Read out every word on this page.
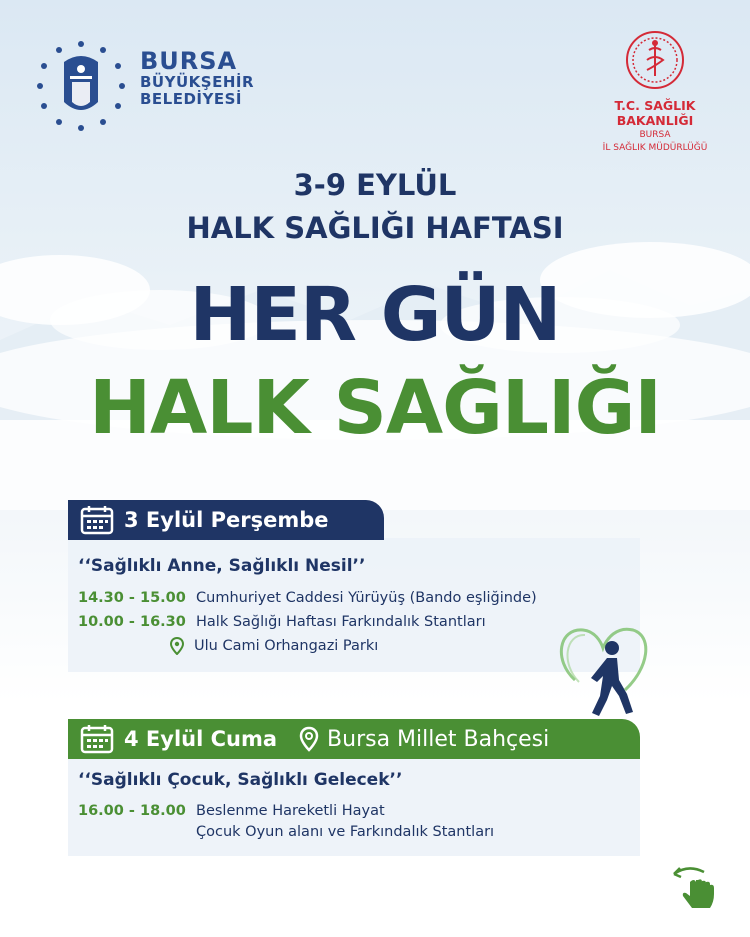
BURSA
BÜYÜKŞEHİR
BELEDİYESİ	T.C. SAĞLIK BAKANLIĞI
BURSA
İL SAĞLIK MÜDÜRLÜĞÜ
3-9 EYLÜL
HALK SAĞLIĞI HAFTASI
HER GÜN
HALK SAĞLIĞI
3 Eylül Perşembe
‘‘Sağlıklı Anne, Sağlıklı Nesil’’
14.30 - 15.00 Cumhuriyet Caddesi Yürüyüş (Bando eşliğinde)
10.00 - 16.30 Halk Sağlığı Haftası Farkındalık Stantları
Ulu Cami Orhangazi Parkı
4 Eylül Cuma Bursa Millet Bahçesi
‘‘Sağlıklı Çocuk, Sağlıklı Gelecek’’
16.00 - 18.00 Beslenme Hareketli Hayat
Çocuk Oyun alanı ve Farkındalık Stantları
